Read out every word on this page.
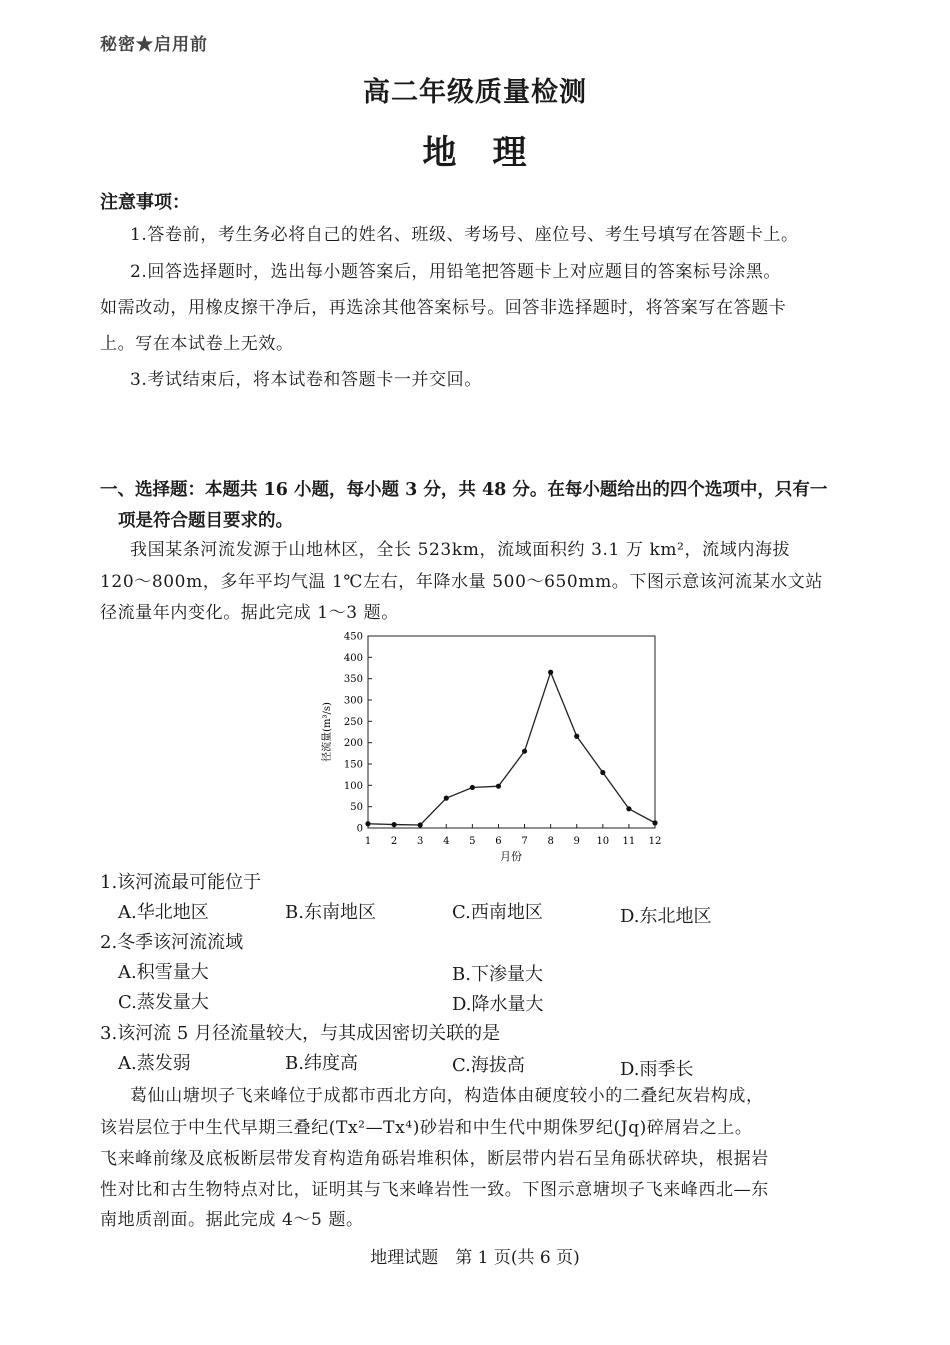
秘密★启用前
高二年级质量检测
地　理
注意事项：
1.答卷前，考生务必将自己的姓名、班级、考场号、座位号、考生号填写在答题卡上。
2.回答选择题时，选出每小题答案后，用铅笔把答题卡上对应题目的答案标号涂黑。
如需改动，用橡皮擦干净后，再选涂其他答案标号。回答非选择题时，将答案写在答题卡
上。写在本试卷上无效。
3.考试结束后，将本试卷和答题卡一并交回。
一、选择题：本题共 16 小题，每小题 3 分，共 48 分。在每小题给出的四个选项中，只有一
项是符合题目要求的。
我国某条河流发源于山地林区，全长 523km，流域面积约 3.1 万 km²，流域内海拔
120～800m，多年平均气温 1℃左右，年降水量 500～650mm。下图示意该河流某水文站
径流量年内变化。据此完成 1～3 题。
0
50
100
150
200
250
300
350
400
450
1 2 3 4 5 6 7 8 9 10 11 12
径流量(m³/s)
月份
1.该河流最可能位于
A.华北地区	B.东南地区	C.西南地区	D.东北地区
2.冬季该河流流域
A.积雪量大	B.下渗量大
C.蒸发量大	D.降水量大
3.该河流 5 月径流量较大，与其成因密切关联的是
A.蒸发弱	B.纬度高	C.海拔高	D.雨季长
葛仙山塘坝子飞来峰位于成都市西北方向，构造体由硬度较小的二叠纪灰岩构成，
该岩层位于中生代早期三叠纪(Tx²—Tx⁴)砂岩和中生代中期侏罗纪(Jq)碎屑岩之上。
飞来峰前缘及底板断层带发育构造角砾岩堆积体，断层带内岩石呈角砾状碎块，根据岩
性对比和古生物特点对比，证明其与飞来峰岩性一致。下图示意塘坝子飞来峰西北—东
南地质剖面。据此完成 4～5 题。
地理试题　第 1 页(共 6 页)
